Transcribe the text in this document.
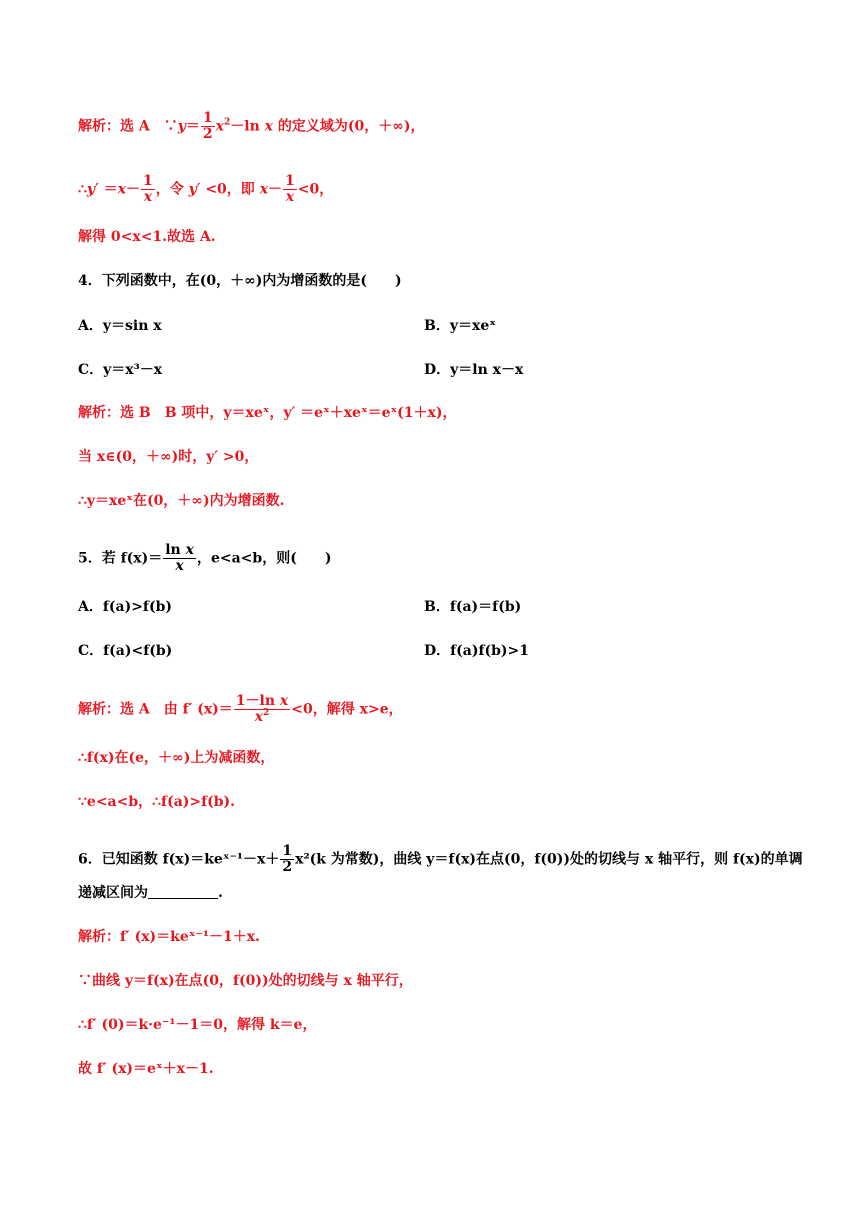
解析：选 A　∵y＝ $\frac{1}{2} x^2-\ln$ x 的定义域为(0，＋∞)，
∴y′ $=x- \frac{1}{x}$ ，令 y′ <0，即 $x- \frac{1}{x} <0$，
解得 0<x<1.故选 A.
4．下列函数中，在(0，＋∞)内为增函数的是(　　)
A．y＝sin x	B．y＝xeˣ
C．y＝x³－x	D．y＝ln x－x
解析：选 B　B 项中，y＝xeˣ，y′ ＝eˣ＋xeˣ＝eˣ(1＋x)，
当 x∈(0，＋∞)时，y′ >0，
∴y＝xeˣ在(0，＋∞)内为增函数.
5．若 $f(x)= \frac{\text{ln x}}{x}$ ，e<a<b，则(　　)
A．f(a)>f(b)	B．f(a)＝f(b)
C．f(a)<f(b)	D．f(a)f(b)>1
解析：选 A　由 f′ $(x)= \frac{\text{1－ln x}}{x^2} <0$，解得 x>e，
∴f(x)在(e，＋∞)上为减函数，
∵e<a<b，∴f(a)>f(b).
6．已知函数 f(x)＝keˣ⁻¹－x＋ $\frac{1}{2} x^2(k$ 为常数)，曲线 y＝f(x)在点(0，f(0))处的切线与 x 轴平行，则 f(x)的单调
递减区间为	.
解析：f′ (x)＝keˣ⁻¹－1＋x.
∵曲线 y＝f(x)在点(0，f(0))处的切线与 x 轴平行，
∴f′ (0)＝k·e⁻¹－1＝0，解得 k＝e，
故 f′ (x)＝eˣ＋x－1.
